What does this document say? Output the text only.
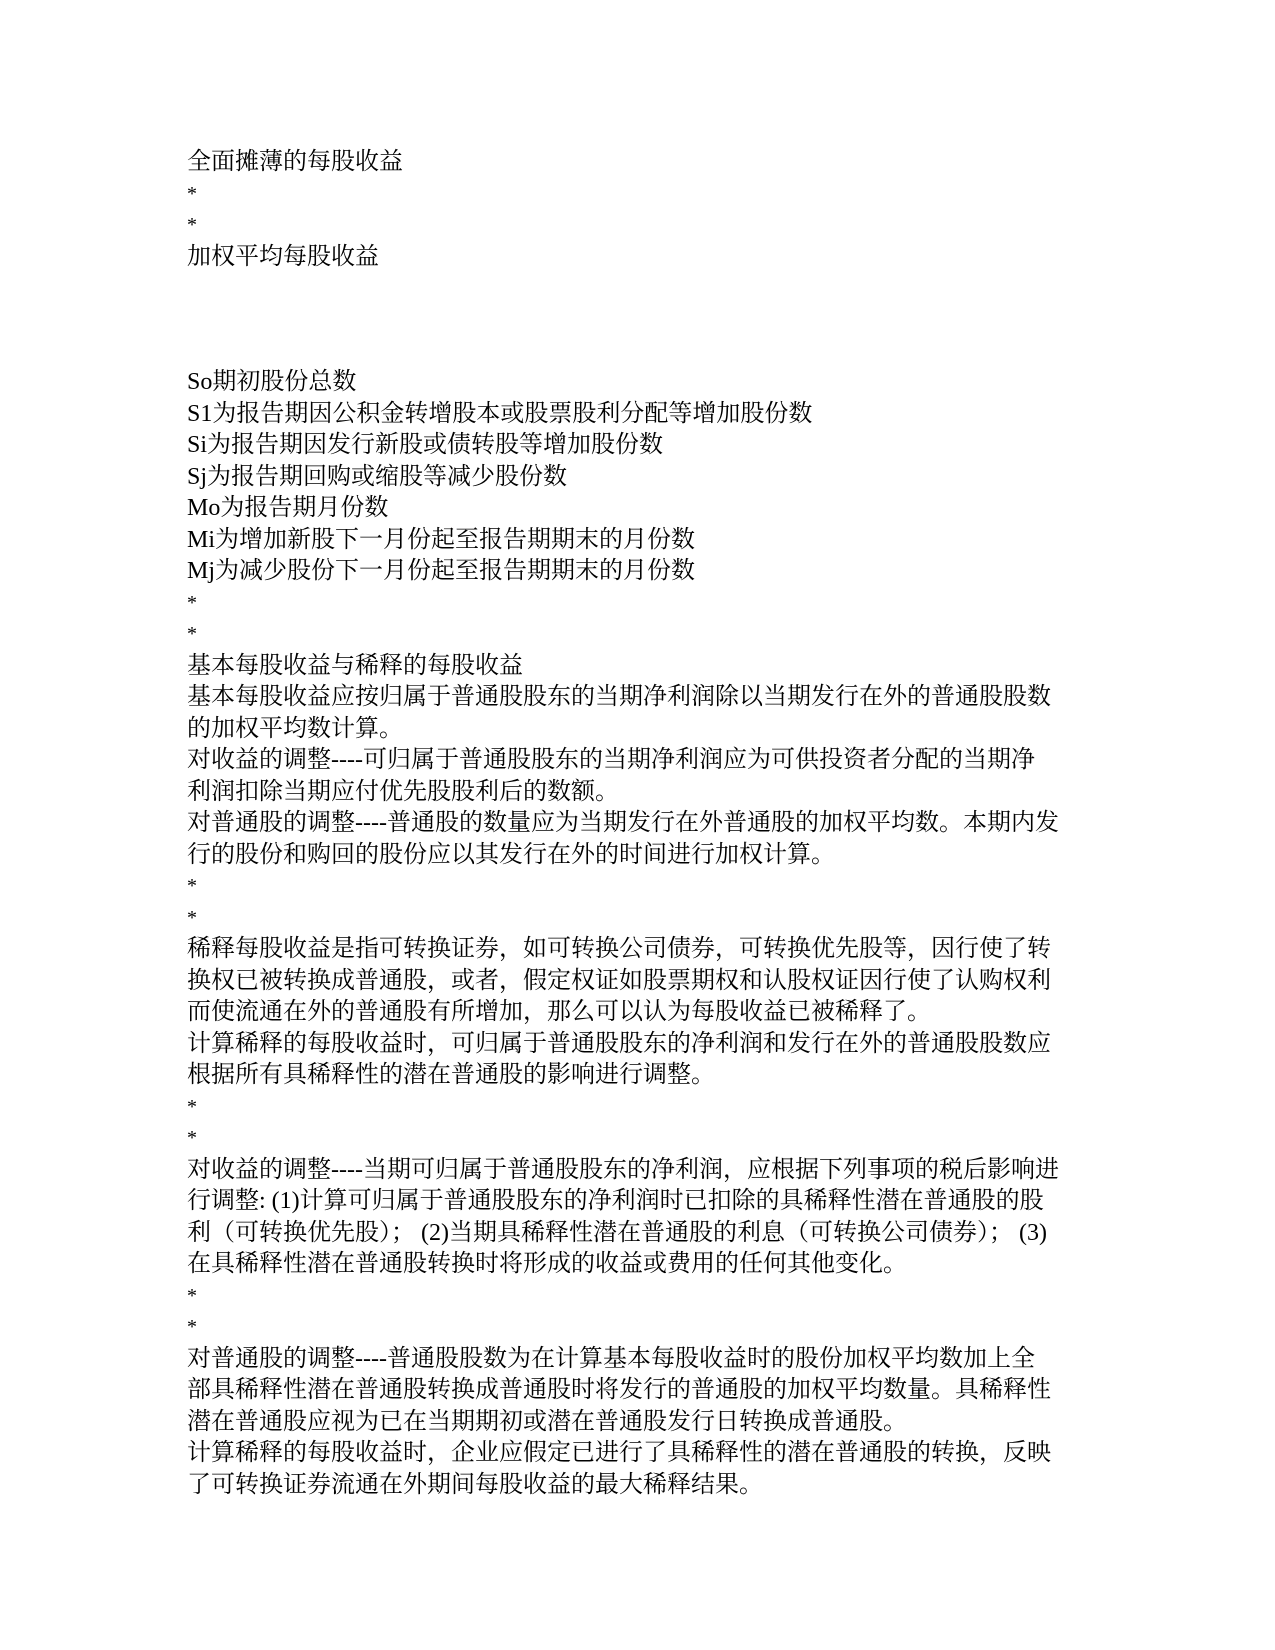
全面摊薄的每股收益
*
*
加权平均每股收益
So期初股份总数
S1为报告期因公积金转增股本或股票股利分配等增加股份数
Si为报告期因发行新股或债转股等增加股份数
Sj为报告期回购或缩股等减少股份数
Mo为报告期月份数
Mi为增加新股下一月份起至报告期期末的月份数
Mj为减少股份下一月份起至报告期期末的月份数
*
*
基本每股收益与稀释的每股收益
基本每股收益应按归属于普通股股东的当期净利润除以当期发行在外的普通股股数
的加权平均数计算。
对收益的调整----可归属于普通股股东的当期净利润应为可供投资者分配的当期净
利润扣除当期应付优先股股利后的数额。
对普通股的调整----普通股的数量应为当期发行在外普通股的加权平均数。本期内发
行的股份和购回的股份应以其发行在外的时间进行加权计算。
*
*
稀释每股收益是指可转换证券，如可转换公司债券，可转换优先股等，因行使了转
换权已被转换成普通股，或者，假定权证如股票期权和认股权证因行使了认购权利
而使流通在外的普通股有所增加，那么可以认为每股收益已被稀释了。
计算稀释的每股收益时，可归属于普通股股东的净利润和发行在外的普通股股数应
根据所有具稀释性的潜在普通股的影响进行调整。
*
*
对收益的调整----当期可归属于普通股股东的净利润，应根据下列事项的税后影响进
行调整: (1)计算可归属于普通股股东的净利润时已扣除的具稀释性潜在普通股的股
利（可转换优先股）； (2)当期具稀释性潜在普通股的利息（可转换公司债券）； (3)
在具稀释性潜在普通股转换时将形成的收益或费用的任何其他变化。
*
*
对普通股的调整----普通股股数为在计算基本每股收益时的股份加权平均数加上全
部具稀释性潜在普通股转换成普通股时将发行的普通股的加权平均数量。具稀释性
潜在普通股应视为已在当期期初或潜在普通股发行日转换成普通股。
计算稀释的每股收益时，企业应假定已进行了具稀释性的潜在普通股的转换，反映
了可转换证券流通在外期间每股收益的最大稀释结果。
